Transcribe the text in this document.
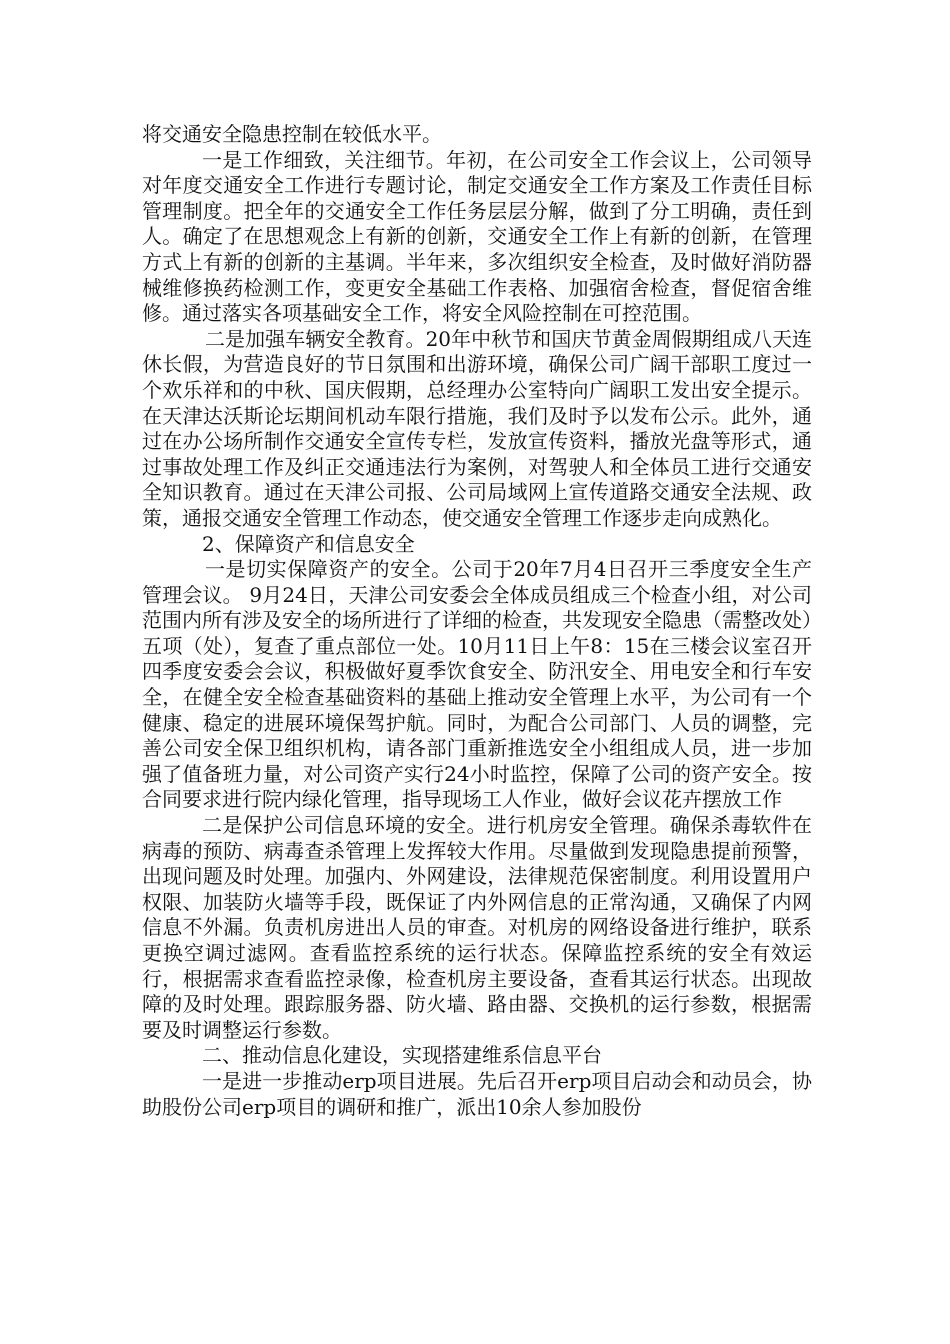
将交通安全隐患控制在较低水平。

一是工作细致，关注细节。年初，在公司安全工作会议上，公司领导对年度交通安全工作进行专题讨论，制定交通安全工作方案及工作责任目标管理制度。把全年的交通安全工作任务层层分解，做到了分工明确，责任到人。确定了在思想观念上有新的创新，交通安全工作上有新的创新，在管理方式上有新的创新的主基调。半年来，多次组织安全检查，及时做好消防器械维修换药检测工作，变更安全基础工作表格、加强宿舍检查，督促宿舍维修。通过落实各项基础安全工作，将安全风险控制在可控范围。

二是加强车辆安全教育。20年中秋节和国庆节黄金周假期组成八天连休长假，为营造良好的节日氛围和出游环境，确保公司广阔干部职工度过一个欢乐祥和的中秋、国庆假期，总经理办公室特向广阔职工发出安全提示。在天津达沃斯论坛期间机动车限行措施，我们及时予以发布公示。此外，通过在办公场所制作交通安全宣传专栏，发放宣传资料，播放光盘等形式，通过事故处理工作及纠正交通违法行为案例，对驾驶人和全体员工进行交通安全知识教育。通过在天津公司报、公司局域网上宣传道路交通安全法规、政策，通报交通安全管理工作动态，使交通安全管理工作逐步走向成熟化。

2、保障资产和信息安全

一是切实保障资产的安全。公司于20年7月4日召开三季度安全生产管理会议。 9月24日，天津公司安委会全体成员组成三个检查小组，对公司范围内所有涉及安全的场所进行了详细的检查，共发现安全隐患（需整改处）五项（处），复查了重点部位一处。10月11日上午8：15在三楼会议室召开四季度安委会会议，积极做好夏季饮食安全、防汛安全、用电安全和行车安全，在健全安全检查基础资料的基础上推动安全管理上水平，为公司有一个健康、稳定的进展环境保驾护航。同时，为配合公司部门、人员的调整，完善公司安全保卫组织机构，请各部门重新推选安全小组组成人员，进一步加强了值备班力量，对公司资产实行24小时监控，保障了公司的资产安全。按合同要求进行院内绿化管理，指导现场工人作业，做好会议花卉摆放工作

二是保护公司信息环境的安全。进行机房安全管理。确保杀毒软件在病毒的预防、病毒查杀管理上发挥较大作用。尽量做到发现隐患提前预警，出现问题及时处理。加强内、外网建设，法律规范保密制度。利用设置用户权限、加装防火墙等手段，既保证了内外网信息的正常沟通，又确保了内网信息不外漏。负责机房进出人员的审查。对机房的网络设备进行维护，联系更换空调过滤网。查看监控系统的运行状态。保障监控系统的安全有效运行，根据需求查看监控录像，检查机房主要设备，查看其运行状态。出现故障的及时处理。跟踪服务器、防火墙、路由器、交换机的运行参数，根据需要及时调整运行参数。

二、推动信息化建设，实现搭建维系信息平台

一是进一步推动erp项目进展。先后召开erp项目启动会和动员会，协助股份公司erp项目的调研和推广，派出10余人参加股份
